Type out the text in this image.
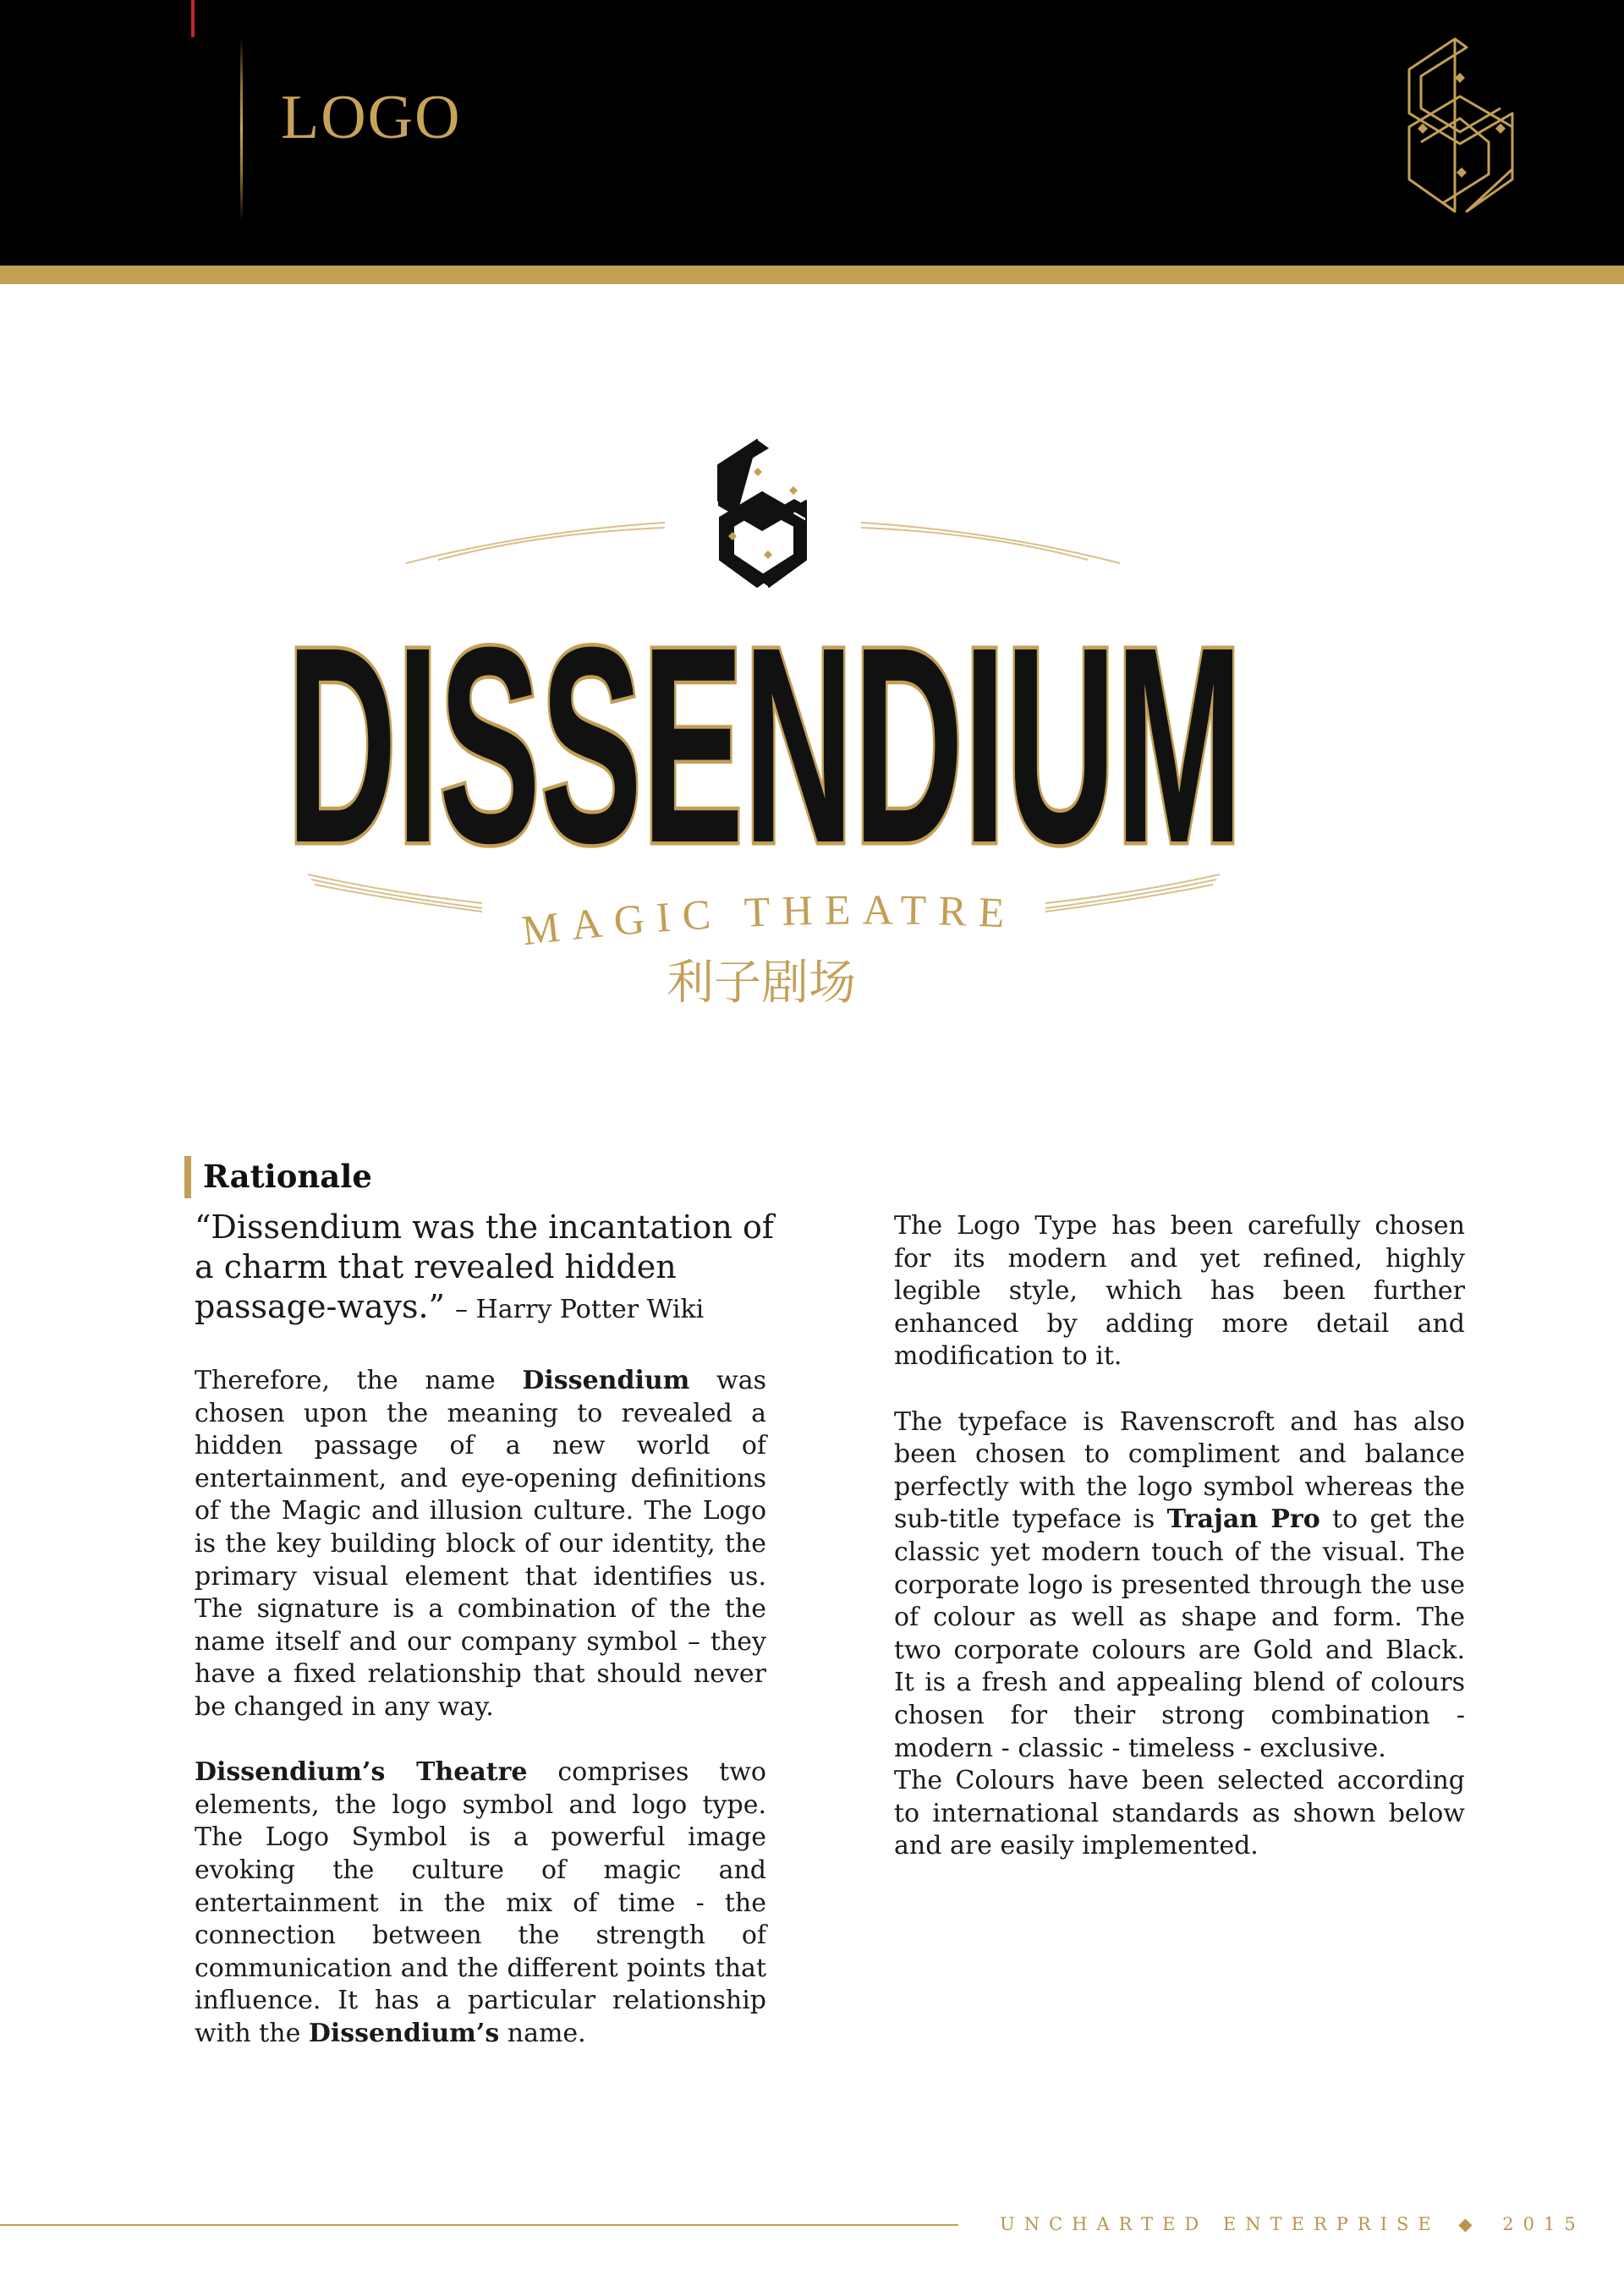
LOGO
DISSENDIUM
MAGIC THEATRE
利子剧场
Rationale
“Dissendium was the incantation of a charm that revealed hidden passage-ways.” – Harry Potter Wiki

Therefore, the name Dissendium was chosen upon the meaning to revealed a hidden passage of a new world of entertainment, and eye-opening definitions of the Magic and illusion culture. The Logo is the key building block of our identity, the primary visual element that identifies us. The signature is a combination of the the name itself and our company symbol – they have a fixed relationship that should never be changed in any way.

Dissendium’s Theatre comprises two elements, the logo symbol and logo type. The Logo Symbol is a powerful image evoking the culture of magic and entertainment in the mix of time - the connection between the strength of communication and the different points that influence. It has a particular relationship with the Dissendium’s name.

The Logo Type has been carefully chosen for its modern and yet refined, highly legible style, which has been further enhanced by adding more detail and modification to it.

The typeface is Ravenscroft and has also been chosen to compliment and balance perfectly with the logo symbol whereas the sub-title typeface is Trajan Pro to get the classic yet modern touch of the visual. The corporate logo is presented through the use of colour as well as shape and form. The two corporate colours are Gold and Black. It is a fresh and appealing blend of colours chosen for their strong combination - modern - classic - timeless - exclusive.

The Colours have been selected according to international standards as shown below and are easily implemented.

UNCHARTED ENTERPRISE ◆ 2015
